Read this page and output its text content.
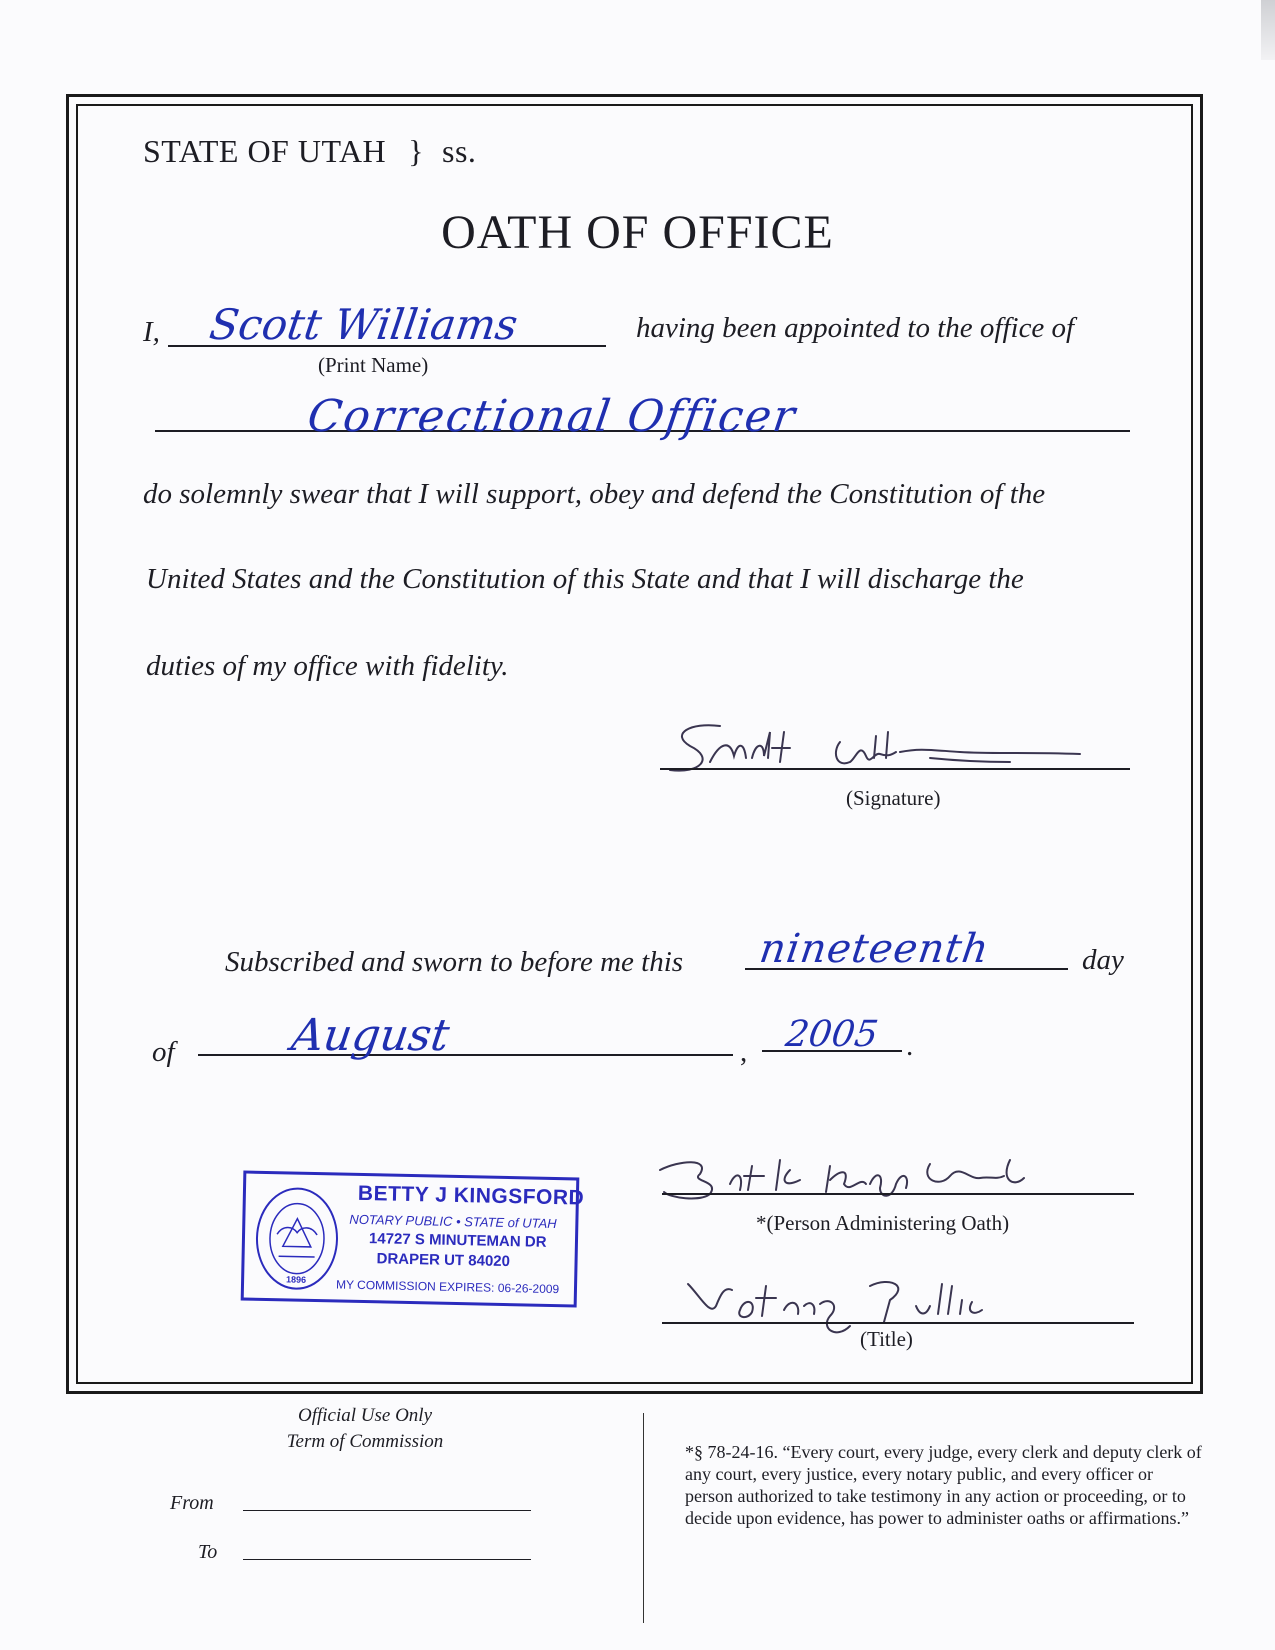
STATE OF UTAH } ss.
OATH OF OFFICE
I, Scott Williams	having been appointed to the office of
(Print Name)
Correctional Officer
do solemnly swear that I will support, obey and defend the Constitution of the
United States and the Constitution of this State and that I will discharge the
duties of my office with fidelity.
(Signature)
Subscribed and sworn to before me this nineteenth	day
of	August	, 2005 .
1896
BETTY J KINGSFORD
NOTARY PUBLIC • STATE of UTAH
14727 S MINUTEMAN DR
DRAPER UT 84020
MY COMMISSION EXPIRES: 06-26-2009
*(Person Administering Oath)
(Title)
Official Use Only
Term of Commission
From
To
*§ 78-24-16. “Every court, every judge, every clerk and deputy clerk of any court, every justice, every notary public, and every officer or person authorized to take testimony in any action or proceeding, or to decide upon evidence, has power to administer oaths or affirmations.”
